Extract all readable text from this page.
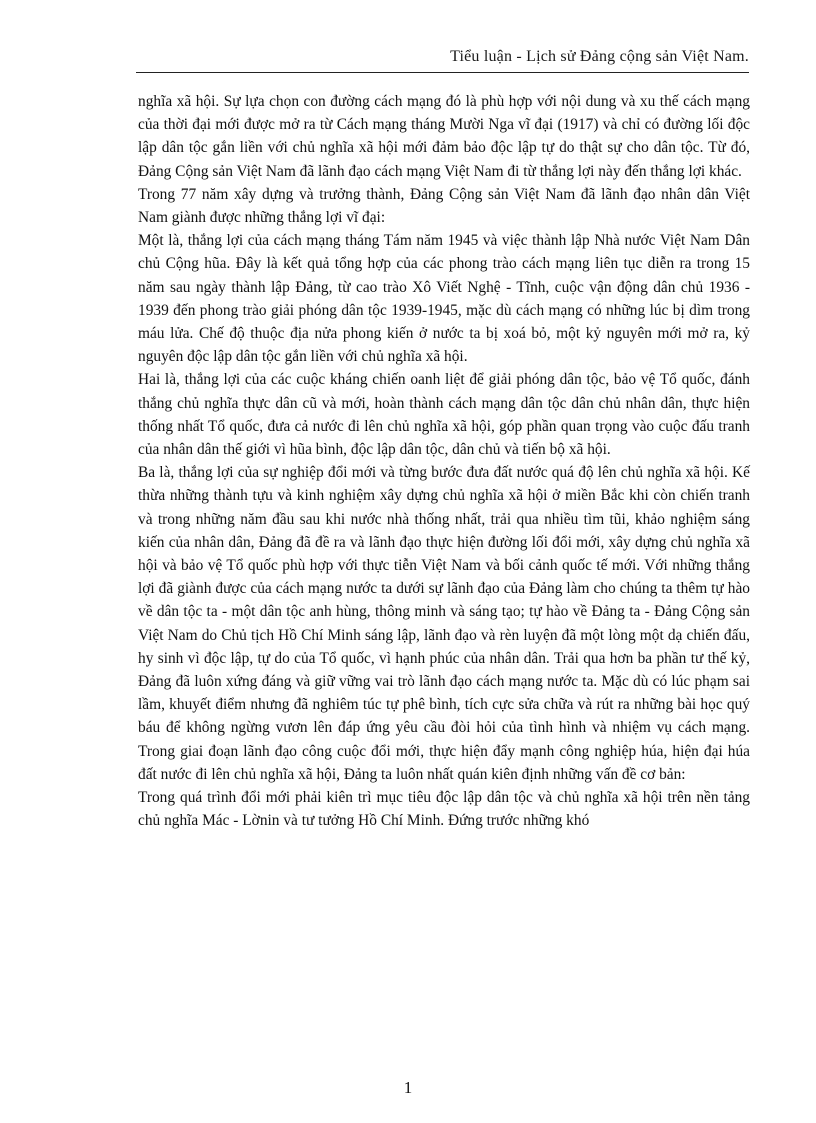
Tiểu luận - Lịch sử Đảng cộng sản Việt Nam.

nghĩa xã hội. Sự lựa chọn con đường cách mạng đó là phù hợp với nội dung và xu thế cách mạng của thời đại mới được mở ra từ Cách mạng tháng Mười Nga vĩ đại (1917) và chỉ có đường lối độc lập dân tộc gắn liền với chủ nghĩa xã hội mới đảm bảo độc lập tự do thật sự cho dân tộc. Từ đó, Đảng Cộng sản Việt Nam đã lãnh đạo cách mạng Việt Nam đi từ thắng lợi này đến thắng lợi khác.

Trong 77 năm xây dựng và trưởng thành, Đảng Cộng sản Việt Nam đã lãnh đạo nhân dân Việt Nam giành được những thắng lợi vĩ đại:

Một là, thắng lợi của cách mạng tháng Tám năm 1945 và việc thành lập Nhà nước Việt Nam Dân chủ Cộng hũa. Đây là kết quả tổng hợp của các phong trào cách mạng liên tục diễn ra trong 15 năm sau ngày thành lập Đảng, từ cao trào Xô Viết Nghệ - Tĩnh, cuộc vận động dân chủ 1936 - 1939 đến phong trào giải phóng dân tộc 1939-1945, mặc dù cách mạng có những lúc bị dìm trong máu lửa. Chế độ thuộc địa nửa phong kiến ở nước ta bị xoá bỏ, một kỷ nguyên mới mở ra, kỷ nguyên độc lập dân tộc gắn liền với chủ nghĩa xã hội.

Hai là, thắng lợi của các cuộc kháng chiến oanh liệt để giải phóng dân tộc, bảo vệ Tổ quốc, đánh thắng chủ nghĩa thực dân cũ và mới, hoàn thành cách mạng dân tộc dân chủ nhân dân, thực hiện thống nhất Tổ quốc, đưa cả nước đi lên chủ nghĩa xã hội, góp phần quan trọng vào cuộc đấu tranh của nhân dân thế giới vì hũa bình, độc lập dân tộc, dân chủ và tiến bộ xã hội.

Ba là, thắng lợi của sự nghiệp đổi mới và từng bước đưa đất nước quá độ lên chủ nghĩa xã hội. Kế thừa những thành tựu và kinh nghiệm xây dựng chủ nghĩa xã hội ở miền Bắc khi còn chiến tranh và trong những năm đầu sau khi nước nhà thống nhất, trải qua nhiều tìm tũi, khảo nghiệm sáng kiến của nhân dân, Đảng đã đề ra và lãnh đạo thực hiện đường lối đổi mới, xây dựng chủ nghĩa xã hội và bảo vệ Tổ quốc phù hợp với thực tiễn Việt Nam và bối cảnh quốc tế mới. Với những thắng lợi đã giành được của cách mạng nước ta dưới sự lãnh đạo của Đảng làm cho chúng ta thêm tự hào về dân tộc ta - một dân tộc anh hùng, thông minh và sáng tạo; tự hào về Đảng ta - Đảng Cộng sản Việt Nam do Chủ tịch Hồ Chí Minh sáng lập, lãnh đạo và rèn luyện đã một lòng một dạ chiến đấu, hy sinh vì độc lập, tự do của Tổ quốc, vì hạnh phúc của nhân dân. Trải qua hơn ba phần tư thế kỷ, Đảng đã luôn xứng đáng và giữ vững vai trò lãnh đạo cách mạng nước ta. Mặc dù có lúc phạm sai lầm, khuyết điểm nhưng đã nghiêm túc tự phê bình, tích cực sửa chữa và rút ra những bài học quý báu để không ngừng vươn lên đáp ứng yêu cầu đòi hỏi của tình hình và nhiệm vụ cách mạng. Trong giai đoạn lãnh đạo công cuộc đổi mới, thực hiện đẩy mạnh công nghiệp húa, hiện đại húa đất nước đi lên chủ nghĩa xã hội, Đảng ta luôn nhất quán kiên định những vấn đề cơ bản:

Trong quá trình đổi mới phải kiên trì mục tiêu độc lập dân tộc và chủ nghĩa xã hội trên nền tảng chủ nghĩa Mác - Lờnin và tư tưởng Hồ Chí Minh. Đứng trước những khó

1
